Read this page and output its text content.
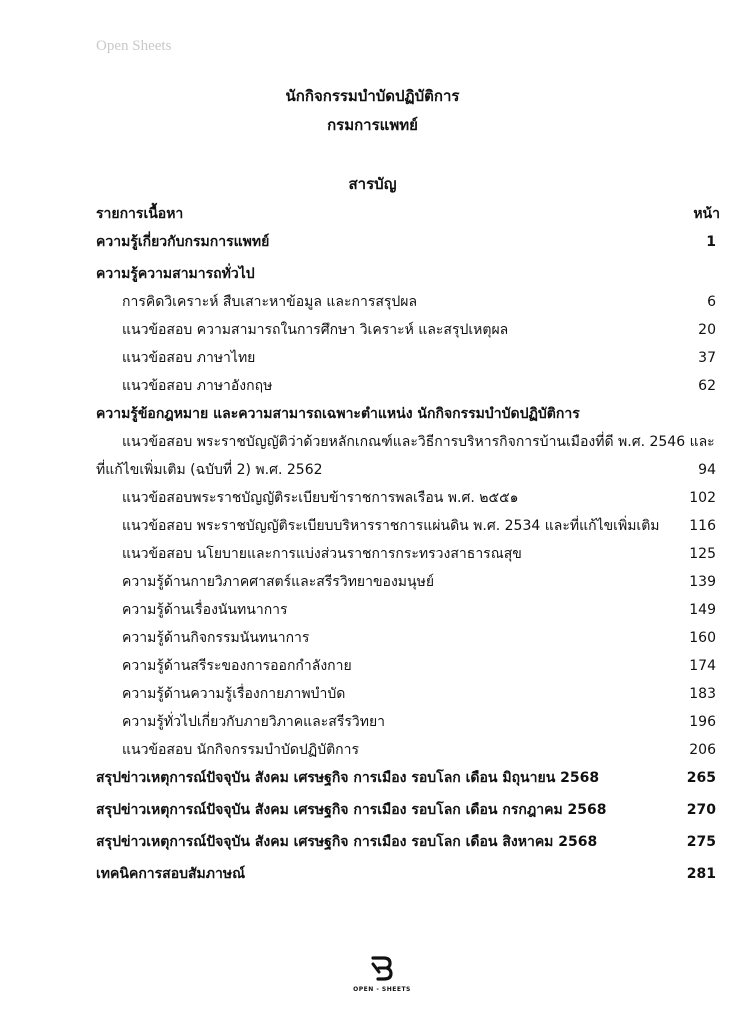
Open Sheets
นักกิจกรรมบำบัดปฏิบัติการ
กรมการแพทย์
สารบัญ
รายการเนื้อหา	หน้า
ความรู้เกี่ยวกับกรมการแพทย์	1
ความรู้ความสามารถทั่วไป
การคิดวิเคราะห์ สืบเสาะหาข้อมูล และการสรุปผล	6
แนวข้อสอบ ความสามารถในการศึกษา วิเคราะห์ และสรุปเหตุผล	20
แนวข้อสอบ ภาษาไทย	37
แนวข้อสอบ ภาษาอังกฤษ	62
ความรู้ข้อกฎหมาย และความสามารถเฉพาะตำแหน่ง นักกิจกรรมบำบัดปฏิบัติการ
แนวข้อสอบ พระราชบัญญัติว่าด้วยหลักเกณฑ์และวิธีการบริหารกิจการบ้านเมืองที่ดี พ.ศ. 2546 และ
ที่แก้ไขเพิ่มเติม (ฉบับที่ 2) พ.ศ. 2562	94
แนวข้อสอบพระราชบัญญัติระเบียบข้าราชการพลเรือน พ.ศ. ๒๕๕๑	102
แนวข้อสอบ พระราชบัญญัติระเบียบบริหารราชการแผ่นดิน พ.ศ. 2534 และที่แก้ไขเพิ่มเติม 116
แนวข้อสอบ นโยบายและการแบ่งส่วนราชการกระทรวงสาธารณสุข	125
ความรู้ด้านกายวิภาคศาสตร์และสรีรวิทยาของมนุษย์	139
ความรู้ด้านเรื่องนันทนาการ	149
ความรู้ด้านกิจกรรมนันทนาการ	160
ความรู้ด้านสรีระของการออกกำลังกาย	174
ความรู้ด้านความรู้เรื่องกายภาพบำบัด	183
ความรู้ทั่วไปเกี่ยวกับภายวิภาคและสรีรวิทยา	196
แนวข้อสอบ นักกิจกรรมบำบัดปฏิบัติการ	206
สรุปข่าวเหตุการณ์ปัจจุบัน สังคม เศรษฐกิจ การเมือง รอบโลก เดือน มิถุนายน 2568	265
สรุปข่าวเหตุการณ์ปัจจุบัน สังคม เศรษฐกิจ การเมือง รอบโลก เดือน กรกฎาคม 2568	270
สรุปข่าวเหตุการณ์ปัจจุบัน สังคม เศรษฐกิจ การเมือง รอบโลก เดือน สิงหาคม 2568	275
เทคนิคการสอบสัมภาษณ์	281
OPEN - SHEETS
